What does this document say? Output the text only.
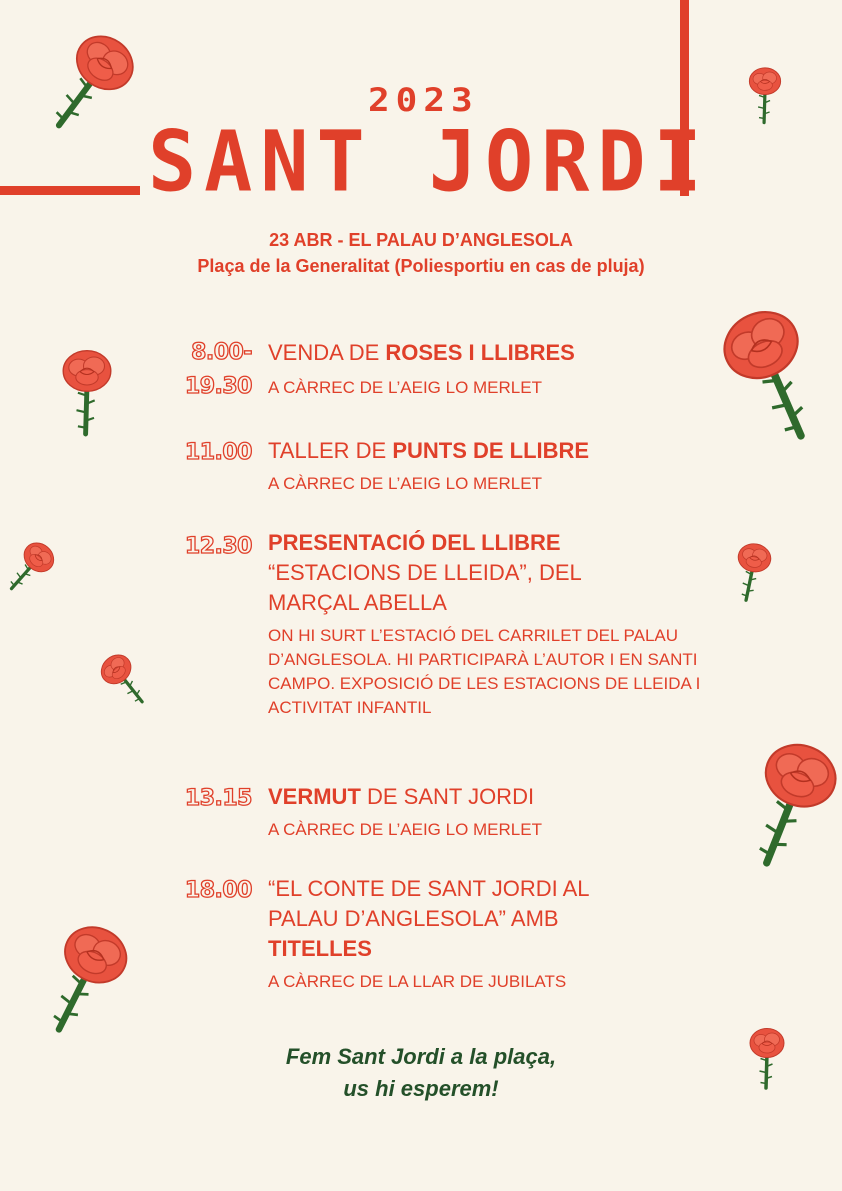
2023
SANT JORDI
23 ABR - EL PALAU D’ANGLESOLA
Plaça de la Generalitat (Poliesportiu en cas de pluja)
8.00-
19.30
VENDA DE ROSES I LLIBRES
A CÀRREC DE L’AEIG LO MERLET
11.00 TALLER DE PUNTS DE LLIBRE
A CÀRREC DE L’AEIG LO MERLET
12.30 PRESENTACIÓ DEL LLIBRE
“ESTACIONS DE LLEIDA”, DEL
MARÇAL ABELLA
ON HI SURT L’ESTACIÓ DEL CARRILET DEL PALAU D’ANGLESOLA. HI PARTICIPARÀ L’AUTOR I EN SANTI CAMPO. EXPOSICIÓ DE LES ESTACIONS DE LLEIDA I ACTIVITAT INFANTIL
13.15 VERMUT DE SANT JORDI
A CÀRREC DE L’AEIG LO MERLET
18.00 “EL CONTE DE SANT JORDI AL
PALAU D’ANGLESOLA” AMB
TITELLES
A CÀRREC DE LA LLAR DE JUBILATS
Fem Sant Jordi a la plaça,
us hi esperem!
